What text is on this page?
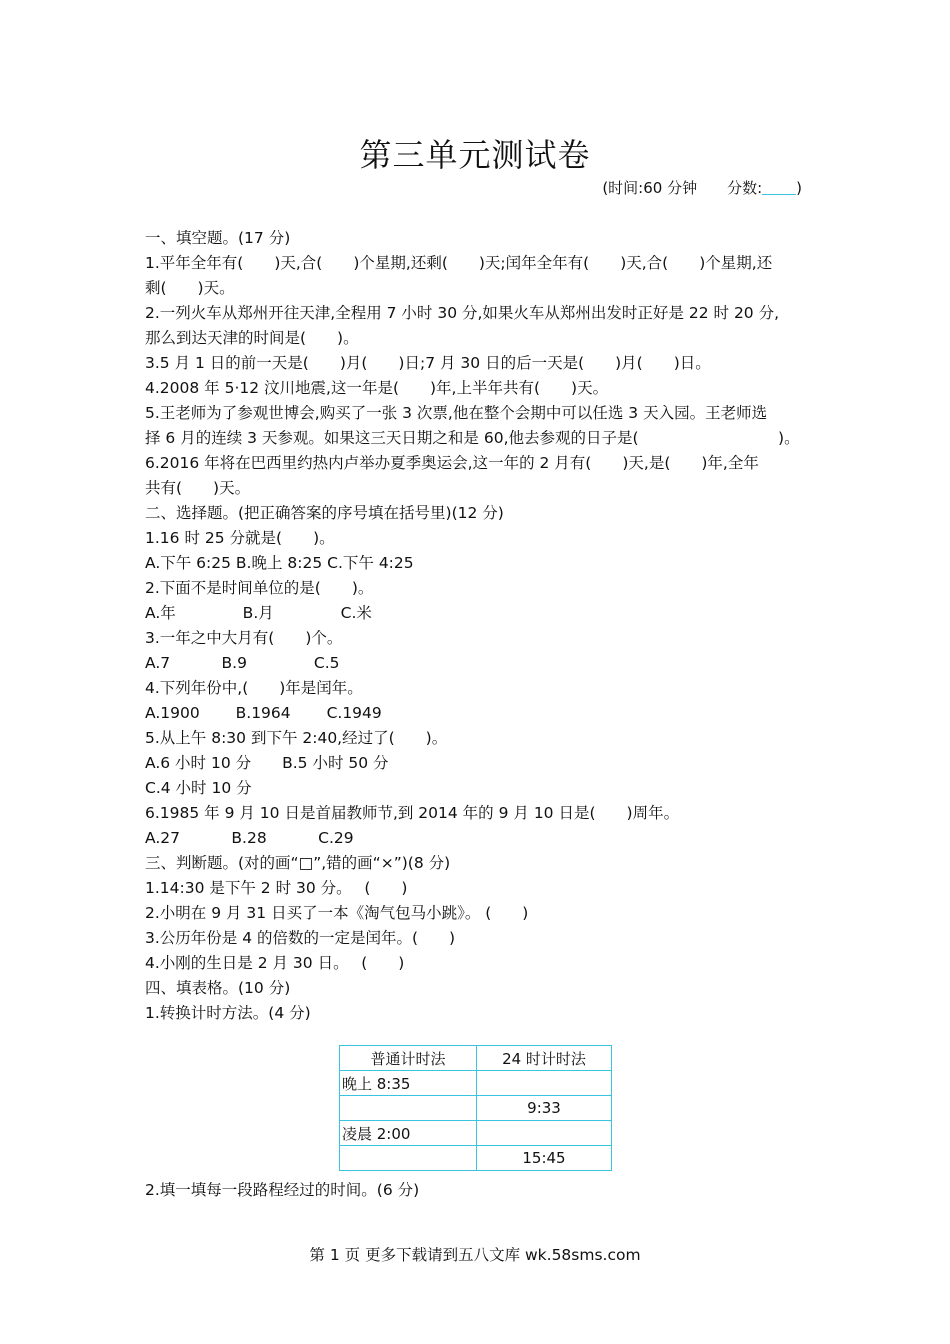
第三单元测试卷
(时间:60 分钟 分数: )
一、填空题。(17 分)
1.平年全年有(　　)天,合(　　)个星期,还剩(　　)天;闰年全年有(　　)天,合(　　)个星期,还
剩(　　)天。
2.一列火车从郑州开往天津,全程用 7 小时 30 分,如果火车从郑州出发时正好是 22 时 20 分,
那么到达天津的时间是(　　)。
3.5 月 1 日的前一天是(　　)月(　　)日;7 月 30 日的后一天是(　　)月(　　)日。
4.2008 年 5·12 汶川地震,这一年是(　　)年,上半年共有(　　)天。
5.王老师为了参观世博会,购买了一张 3 次票,他在整个会期中可以任选 3 天入园。王老师选
择 6 月的连续 3 天参观。如果这三天日期之和是 60,他去参观的日子是(　　　　　　　　　)。
6.2016 年将在巴西里约热内卢举办夏季奥运会,这一年的 2 月有(　　)天,是(　　)年,全年
共有(　　)天。
二、选择题。(把正确答案的序号填在括号里)(12 分)
1.16 时 25 分就是(　　)。
A.下午 6:25 B.晚上 8:25 C.下午 4:25
2.下面不是时间单位的是(　　)。
A.年　　　　 B.月　　　　 C.米
3.一年之中大月有(　　)个。
A.7　　　 B.9　　　　 C.5
4.下列年份中,(　　)年是闰年。
A.1900　　 B.1964　　 C.1949
5.从上午 8:30 到下午 2:40,经过了(　　)。
A.6 小时 10 分　　B.5 小时 50 分
C.4 小时 10 分
6.1985 年 9 月 10 日是首届教师节,到 2014 年的 9 月 10 日是(　　)周年。
A.27　　　 B.28　　　 C.29
三、判断题。(对的画“□”,错的画“×”)(8 分)
1.14:30 是下午 2 时 30 分。　 (　　)
2.小明在 9 月 31 日买了一本《淘气包马小跳》。 (　　)
3.公历年份是 4 的倍数的一定是闰年。(　　)
4.小刚的生日是 2 月 30 日。　 (　　)
四、填表格。(10 分)
1.转换计时方法。(4 分)
普通计时法	24 时计时法
晚上 8:35	
	9:33
凌晨 2:00	
	15:45
2.填一填每一段路程经过的时间。(6 分)
第 1 页 更多下载请到五八文库 wk.58sms.com
